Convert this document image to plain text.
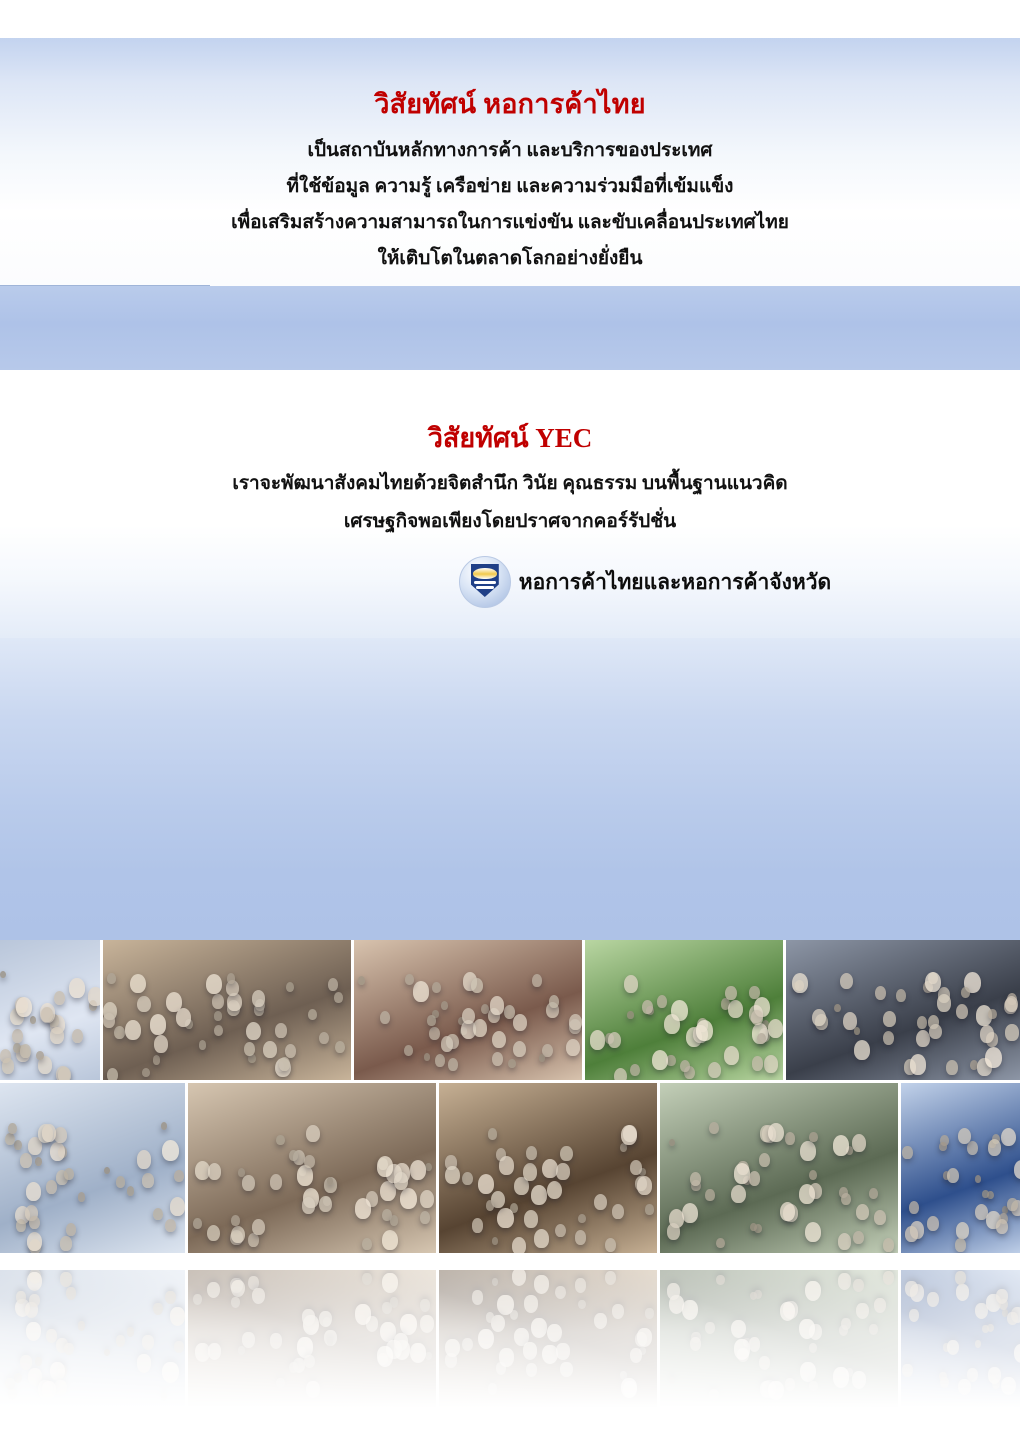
วิสัยทัศน์ หอการค้าไทย
เป็นสถาบันหลักทางการค้า และบริการของประเทศ
ที่ใช้ข้อมูล ความรู้ เครือข่าย และความร่วมมือที่เข้มแข็ง
เพื่อเสริมสร้างความสามารถในการแข่งขัน และขับเคลื่อนประเทศไทย
ให้เติบโตในตลาดโลกอย่างยั่งยืน
วิสัยทัศน์ YEC
เราจะพัฒนาสังคมไทยด้วยจิตสำนึก วินัย คุณธรรม บนพื้นฐานแนวคิด
เศรษฐกิจพอเพียงโดยปราศจากคอร์รัปชั่น
หอการค้าไทยและหอการค้าจังหวัด
